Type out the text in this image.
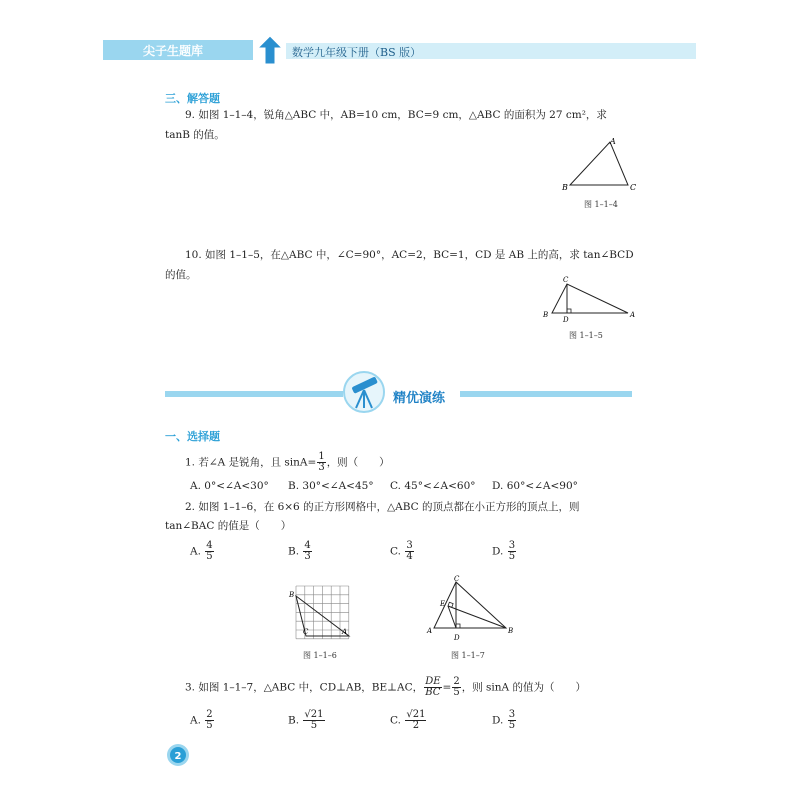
尖子生题库	数学九年级下册（BS 版）
三、解答题
9. 如图 1–1–4，锐角△ABC 中，AB=10 cm，BC=9 cm，△ABC 的面积为 27 cm²，求
tanB 的值。
A
B	C
图 1–1–4
10. 如图 1–1–5，在△ABC 中，∠C=90°，AC=2，BC=1，CD 是 AB 上的高，求 tan∠BCD
的值。	C
B
D
A
图 1–1–5
精优演练
一、选择题
1. 若∠A 是锐角，且 $\sin A= \frac{1}{3}$ ，则（　　）
A. 0°<∠A<30° B. 30°<∠A<45° C. 45°<∠A<60° D. 60°<∠A<90°
2. 如图 1–1–6，在 6×6 的正方形网格中，△ABC 的顶点都在小正方形的顶点上，则
tan∠BAC 的值是（　　）
A. $\frac{4}{5}$	B. $\frac{4}{3}$	C. $\frac{3}{4}$	D. $\frac{3}{5}$
B
C	A
图 1–1–6
C
E
A
D
B
图 1–1–7
3. 如图 1–1–7，△ABC 中，CD⊥AB，BE⊥AC， $\frac{DE}{BC} = \frac{2}{5}$ ，则 sinA 的值为（　　）
A. $\frac{2}{5}$	B. $\frac{√21}{5}$	C. $\frac{√21}{2}$	D. $\frac{3}{5}$
2
